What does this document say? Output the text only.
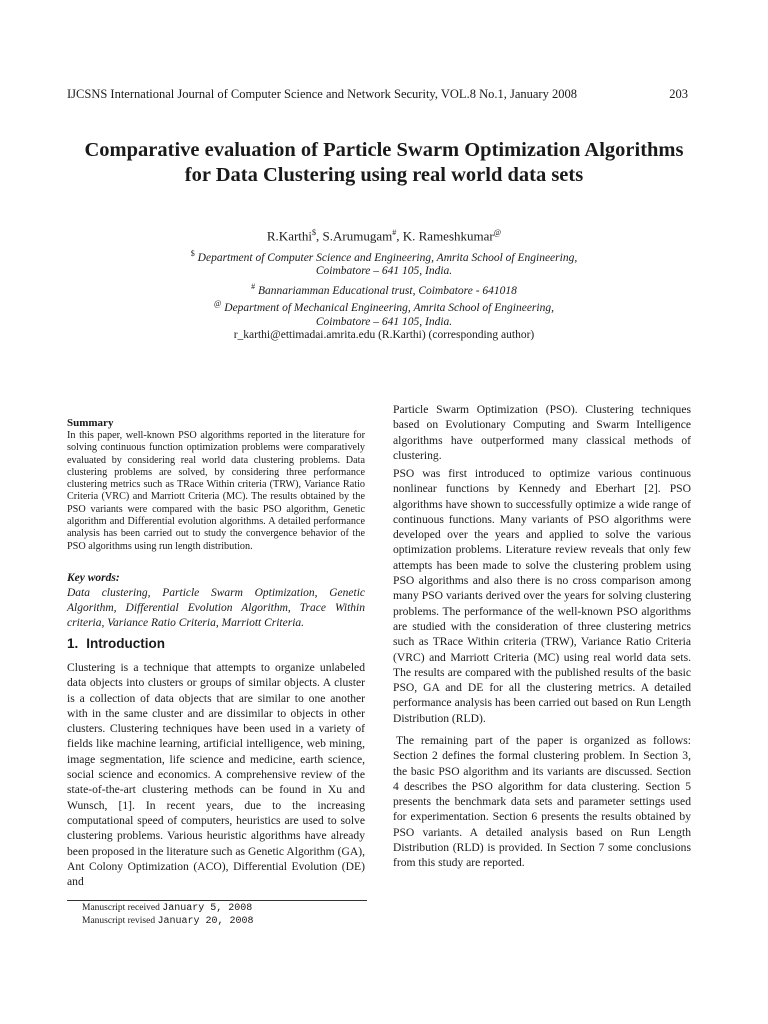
IJCSNS International Journal of Computer Science and Network Security, VOL.8 No.1, January 2008	203
Comparative evaluation of Particle Swarm Optimization Algorithms
for Data Clustering using real world data sets
R.Karthi$, S.Arumugam#, K. Rameshkumar@
$ Department of Computer Science and Engineering, Amrita School of Engineering,
Coimbatore – 641 105, India.
# Bannariamman Educational trust, Coimbatore - 641018
@ Department of Mechanical Engineering, Amrita School of Engineering,
Coimbatore – 641 105, India.
r_karthi@ettimadai.amrita.edu (R.Karthi) (corresponding author)
Summary

In this paper, well-known PSO algorithms reported in the literature for solving continuous function optimization problems were comparatively evaluated by considering real world data clustering problems. Data clustering problems are solved, by considering three performance clustering metrics such as TRace Within criteria (TRW), Variance Ratio Criteria (VRC) and Marriott Criteria (MC). The results obtained by the PSO variants were compared with the basic PSO algorithm, Genetic algorithm and Differential evolution algorithms. A detailed performance analysis has been carried out to study the convergence behavior of the PSO algorithms using run length distribution.

Key words:

Data clustering, Particle Swarm Optimization, Genetic Algorithm, Differential Evolution Algorithm, Trace Within criteria, Variance Ratio Criteria, Marriott Criteria.

1. Introduction

Clustering is a technique that attempts to organize unlabeled data objects into clusters or groups of similar objects. A cluster is a collection of data objects that are similar to one another with in the same cluster and are dissimilar to objects in other clusters. Clustering techniques have been used in a variety of fields like machine learning, artificial intelligence, web mining, image segmentation, life science and medicine, earth science, social science and economics. A comprehensive review of the state-of-the-art clustering methods can be found in Xu and Wunsch, [1]. In recent years, due to the increasing computational speed of computers, heuristics are used to solve clustering problems. Various heuristic algorithms have already been proposed in the literature such as Genetic Algorithm (GA), Ant Colony Optimization (ACO), Differential Evolution (DE) and

Particle Swarm Optimization (PSO). Clustering techniques based on Evolutionary Computing and Swarm Intelligence algorithms have outperformed many classical methods of clustering.

PSO was first introduced to optimize various continuous nonlinear functions by Kennedy and Eberhart [2]. PSO algorithms have shown to successfully optimize a wide range of continuous functions. Many variants of PSO algorithms were developed over the years and applied to solve the various optimization problems. Literature review reveals that only few attempts has been made to solve the clustering problem using PSO algorithms and also there is no cross comparison among many PSO variants derived over the years for solving clustering problems. The performance of the well-known PSO algorithms are studied with the consideration of three clustering metrics such as TRace Within criteria (TRW), Variance Ratio Criteria (VRC) and Marriott Criteria (MC) using real world data sets. The results are compared with the published results of the basic PSO, GA and DE for all the clustering metrics. A detailed performance analysis has been carried out based on Run Length Distribution (RLD).

The remaining part of the paper is organized as follows: Section 2 defines the formal clustering problem. In Section 3, the basic PSO algorithm and its variants are discussed. Section 4 describes the PSO algorithm for data clustering. Section 5 presents the benchmark data sets and parameter settings used for experimentation. Section 6 presents the results obtained by PSO variants. A detailed analysis based on Run Length Distribution (RLD) is provided. In Section 7 some conclusions from this study are reported.

Manuscript received January 5, 2008
Manuscript revised January 20, 2008
